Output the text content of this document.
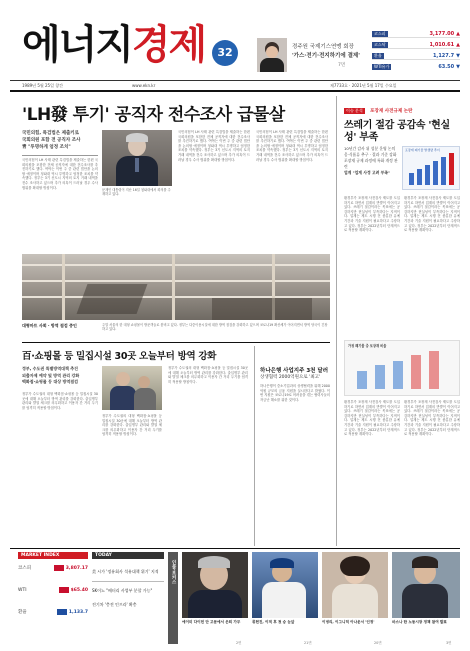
에너지경제	32	경주원 국제기스연맹 회장
'가스·전기·전지하기에 결제'
7면
코스피	3,177.00 ▲
코스닥	1,010.61 ▲
환율	1,127.7 ▼
WTI유가	63.50 ▼
1989년 5월 25일 창간	www.ekn.kr	제7733호 · 2021년 5월 17일 수요일
'LH發 투기' 공직자 전수조사 급물살
국민의힘, 특검법은 제출키로
국회의원 포함 전 공직자 조사
靑 "투명하게 엄정 조치"
국민의힘이 LH 사태 관련 특검법을 제출하는 한편 국회의원을 포함한 전체 공직자에 대한 전수조사를 추진하기로 했다. 여야는 이번 주 중 관련 법안을 논의할 예정이며 청와대 역시 투명하고 엄정한 조치를 약속했다. 정부는 3기 신도시 지역의 토지 거래 내역을 전수 조사하고 있으며 추가 의혹이 드러날 경우 수사 범위를 확대할 방침이다.
문재인 대통령이 지난 16일 청와대에서 회의를 주재하고 있다.
국민의힘이 LH 사태 관련 특검법을 제출하는 한편 국회의원을 포함한 전체 공직자에 대한 전수조사를 추진하기로 했다. 여야는 이번 주 중 관련 법안을 논의할 예정이며 청와대 역시 투명하고 엄정한 조치를 약속했다. 정부는 3기 신도시 지역의 토지 거래 내역을 전수 조사하고 있으며 추가 의혹이 드러날 경우 수사 범위를 확대할 방침이다.
국민의힘이 LH 사태 관련 특검법을 제출하는 한편 국회의원을 포함한 전체 공직자에 대한 전수조사를 추진하기로 했다. 여야는 이번 주 중 관련 법안을 논의할 예정이며 청와대 역시 투명하고 엄정한 조치를 약속했다. 정부는 3기 신도시 지역의 토지 거래 내역을 전수 조사하고 있으며 추가 의혹이 드러날 경우 수사 범위를 확대할 방침이다.
대형마트 사회 · 방역 점검 중인	주말 서울의 한 대형 쇼핑몰이 방문객들로 붐비고 있다. 정부는 다중이용시설에 대한 방역 점검을 강화하고 있으며 코로나19 확산세가 이어지면서 방역 당국이 긴장하고 있다.
百·쇼핑몰 등 밀집시설 30곳 오늘부터 방역 강화
정부, 수도권 특별방역대책 추진
외출자제 예약 및 방역 관리 강화
백화점·쇼핑몰 등 대상 방역점검
정부가 수도권의 대형 백화점·쇼핑몰 등 밀집시설 30곳에 대해 오늘부터 방역 관리를 강화한다. 출입명부 관리와 발열 체크를 의무화하고 이용자 간 거리 두기를 엄격히 적용할 방침이다.
정부가 수도권의 대형 백화점·쇼핑몰 등 밀집시설 30곳에 대해 오늘부터 방역 관리를 강화한다. 출입명부 관리와 발열 체크를 의무화하고 이용자 간 거리 두기를 엄격히 적용할 방침이다.
정부가 수도권의 대형 백화점·쇼핑몰 등 밀집시설 30곳에 대해 오늘부터 방역 관리를 강화한다. 출입명부 관리와 발열 체크를 의무화하고 이용자 간 거리 두기를 엄격히 적용할 방침이다.
하나은행 사업지주 3천 달러
상생협력 2000억원으로 '최고'
하나은행이 중소기업과의 상생협력을 위해 2000억원 규모의 금융 지원을 실시한다고 밝혔다. 이번 지원은 코로나19로 어려움을 겪는 협력사들의 자금난 해소를 위한 것이다.
이슈 분석 포장재 사전규제 논란
쓰레기 절감 공감속 '현실성' 부족
10년간 감사 위 성분 운영 논의
음·식품류 추구 · 결과 기준 강화
포장재 규제 과정에 특화 개정 관련
업계 "업계 사정 고려 부족"
포장재 폐기물 발생량 추이
환경부가 포장재 사전검사 제도를 도입하기로 하면서 업계의 반발이 이어지고 있다. 쓰레기 절감이라는 목표에는 공감하지만 현실성이 부족하다는 지적이다. 업계는 제도 시행 전 충분한 유예 기간과 기술 지원이 필요하다고 주장하고 있다. 정부는 2022년부터 단계적으로 적용할 계획이다.
환경부가 포장재 사전검사 제도를 도입하기로 하면서 업계의 반발이 이어지고 있다. 쓰레기 절감이라는 목표에는 공감하지만 현실성이 부족하다는 지적이다. 업계는 제도 시행 전 충분한 유예 기간과 기술 지원이 필요하다고 주장하고 있다. 정부는 2022년부터 단계적으로 적용할 계획이다.
가정 폐기물 중 포장재 비율
환경부가 포장재 사전검사 제도를 도입하기로 하면서 업계의 반발이 이어지고 있다. 쓰레기 절감이라는 목표에는 공감하지만 현실성이 부족하다는 지적이다. 업계는 제도 시행 전 충분한 유예 기간과 기술 지원이 필요하다고 주장하고 있다. 정부는 2022년부터 단계적으로 적용할 계획이다.
환경부가 포장재 사전검사 제도를 도입하기로 하면서 업계의 반발이 이어지고 있다. 쓰레기 절감이라는 목표에는 공감하지만 현실성이 부족하다는 지적이다. 업계는 제도 시행 전 충분한 유예 기간과 기술 지원이 필요하다고 주장하고 있다. 정부는 2022년부터 단계적으로 적용할 계획이다.
MARKET INDEX
코스피	3,807.17
WTI	$65.40
환율	1,133.7
TODAY
美 시가 '정유회사 석유대책 위기' 지적
SK이노 "배터리 사업부 분할 가능"
전기차 '충전 인프라' 확충
인물·포커스
에이미 다이먼 단 고문에서 은퇴 가무	류현진, 이적 후 첫 승 눈앞	이녕리, 이그니덕 아나운서 '인정'	마스나 한 노동시장 정책 참여 발표
2면	21면	20면	3면
